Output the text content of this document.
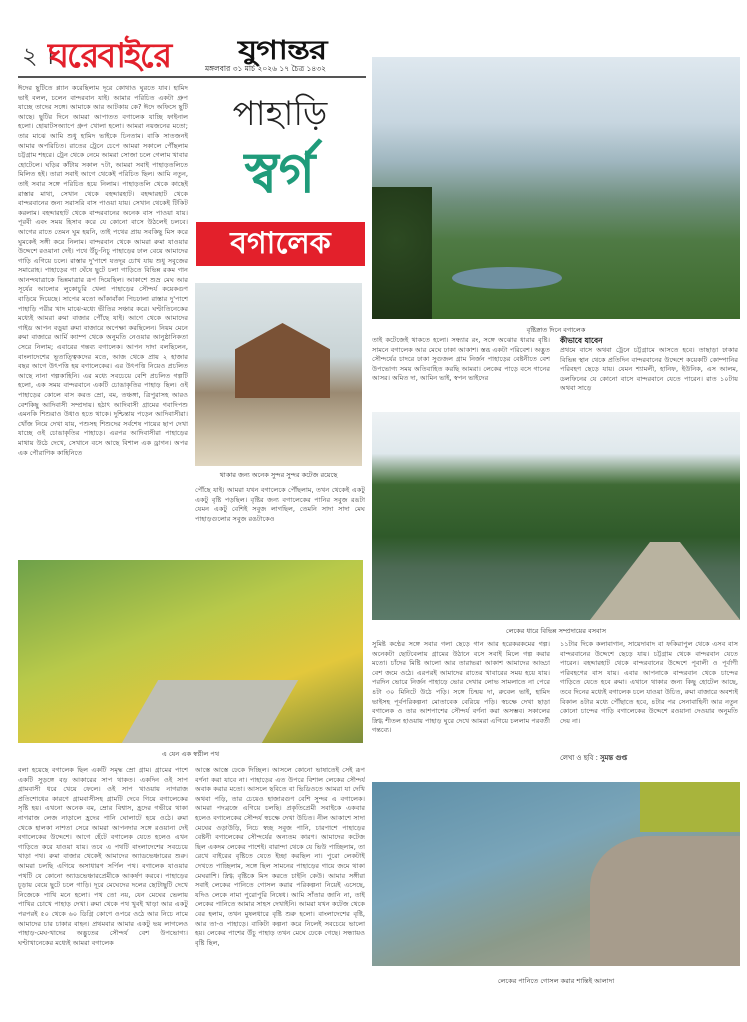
২ ।
ঘরেবাইরে	যুগান্তর
মঙ্গলবার ৩১ মার্চ ২০২৬ ১৭ চৈত্র ১৪৩২
ঈদের ছুটিতে প্ল্যান করেছিলাম দূরে কোথাও ঘুরতে যাব। হামিদ ভাই বলল, চলেন বান্দরবান যাই। আমার পরিচিত একটা গ্রুপ যাচ্ছে তাদের সঙ্গে। আমাকে আর আটকায় কে? ঈদে অফিসে ছুটি আছে। ছুটির দিনে আমরা আপাতত বগালেক যাচ্ছি ফাইনাল হলো। হোয়াটসঅ্যাপে গ্রুপ খোলা হলো। আমরা নয়জনের মতো; তার মাঝে আমি শুধু হামিদ ভাইকে চিনতাম। বাকি সাতজনই আমার অপরিচিত। রাতের ট্রেনে চেপে আমরা সকালে পৌঁছলাম চট্টগ্রাম শহরে। ট্রেন থেকে নেমে আমরা সোজা চলে গেলাম খাবার হোটেলে। ঘড়ির কাঁটায় সকাল ৭টা, আমরা সবাই পাহাড়তলিতে মিলিত হই। তারা সবাই আগে থেকেই পরিচিত ছিল। আমি নতুন, তাই সবার সঙ্গে পরিচিত হয়ে নিলাম। পাহাড়তলি থেকে কাছেই রাস্তার মাথা, সেখান থেকে বহদ্দারহাট। বহদ্দারহাট থেকে বান্দরবানের জন্য সরাসরি বাস পাওয়া যায়। সেখান থেকেই টিকিট করলাম। বহদ্দারহাট থেকে বান্দরবানের অনেক বাস পাওয়া যায়। পূরবী এবং সময় হিসাব করে যে কোনো বাসে উঠলেই চলবে। আগের রাতে তেমন ঘুম হয়নি, তাই পথের প্রায় সবকিছু মিস করে ঘুমকেই সঙ্গী করে নিলাম। বান্দরবান থেকে আমরা রুমা যাওয়ার উদ্দেশে রওয়ানা দেই। পথে উঁচু-নিচু পাহাড়ের ঢাল বেয়ে আমাদের গাড়ি এগিয়ে চলে। রাস্তার দু'পাশে যতদূর চোখ যায় শুধু সবুজের সমারোহ। পাহাড়ের গা ঘেঁষে ছুটে চলা গাড়িতে বিভিন্ন রকম গান আনন্দযাত্রাকে ভিন্নমাত্রার রূপ দিয়েছিল। আকাশে শুভ্র মেঘ আর সূর্যের আলোর লুকোচুরি খেলা পাহাড়ের সৌন্দর্য কয়েকগুণ বাড়িয়ে দিয়েছে। সাপের মতো আঁকাবাঁকা পিচঢালা রাস্তার দু'পাশে পাহাড়ি পরীর খাদ মাঝে-মধ্যে ভীতির সঞ্চার করে। ঘণ্টাতিনেকের মধ্যেই আমরা রুমা বাজার পৌঁছে যাই। আগে থেকে আমাদের গাইড আপন বড়ুয়া রুমা বাজারে অপেক্ষা করছিলেন। নিয়ম মেনে রুমা বাজারে আর্মি ক্যাম্প থেকে অনুমতি নেওয়ার আনুষ্ঠানিকতা সেরে নিলাম; এবারের গন্তব্য বগালেক। আপন দাদা বলছিলেন, বাংলাদেশের ভূতাত্ত্বিকদের মতে, আজ থেকে প্রায় ২ হাজার বছর আগে উৎপত্তি হয় বগালেকের। এর উৎপত্তি নিয়েও প্রচলিত আছে নানা গল্পকাহিনি। এর মধ্যে সবচেয়ে বেশি প্রচলিত গল্পটি হলো, এক সময় বান্দরবানে একটি চোঙাকৃতির পাহাড় ছিল। ওই পাহাড়ের কোলে বাস করত ম্রো, বম, তঞ্চঙ্গা, ত্রিপুরাসহ আরও বেশকিছু আদিবাসী সম্প্রদায়। হঠাৎ আদিবাসী গ্রামের গবাদিপশু এমনকি শিশুরাও উধাও হতে থাকে। দুশ্চিন্তায় পড়েন আদিবাসীরা। খোঁজ নিয়ে দেখা যায়, পশুসহ শিশুদের সর্বশেষ পায়ের ছাপ দেখা যাচ্ছে ওই চোঙাকৃতির পাহাড়ে। এরপর আদিবাসীরা পাহাড়ের মাথায় উঠে দেখে, সেখানে বসে আছে বিশাল এক ড্রাগন। অপর এক পৌরাণিক কাহিনিতে
পাহাড়ি
স্বর্গ
বগালেক
থাকার জন্য অনেক সুন্দর সুন্দর কটেজ রয়েছে
পৌঁছে যাই। আমরা যখন বগালেকে পৌঁছলাম, তখন থেকেই একটু একটু বৃষ্টি পড়ছিল। বৃষ্টির জন্য বগালেকের পানির সবুজ রঙটা যেমন একটু বেশিই সবুজ লাগছিল, তেমনি সাদা সাদা মেঘ পাহাড়গুলোর সবুজ রঙটাকেও
এ যেন এক স্বপ্নীল পথ
বলা হয়েছে বগালেক ছিল একটি সমৃদ্ধ ম্রো গ্রাম। গ্রামের পাশে একটি সুড়ঙ্গে বড় আকারের সাপ থাকত। একদিন ওই সাপ গ্রামবাসী ধরে খেয়ে ফেলে। ওই সাপ খাওয়ায় নাগরাজ প্রতিশোধের কারণে গ্রামবাসীসহ গ্রামটি দেবে গিয়ে বগালেকের সৃষ্টি হয়। এখনো অনেক বম, ম্রোর বিশ্বাস, হ্রদের গভীরে থাকা নাগরাজ লেজ নাড়ালে হ্রদের পানি ঘোলাটে হয়ে ওঠে। রুমা থেকে হালকা নাশতা সেরে আমরা আপনদার সঙ্গে রওয়ানা দেই বগালেকের উদ্দেশে। আগে হেঁটে বগালেক যেতে হলেও এখন গাড়িতে করে যাওয়া যায়। তবে এ পথটি বাংলাদেশের সবচেয়ে খাড়া পথ। রুমা বাজার থেকেই আমাদের অ্যাডভেঞ্চারের শুরু। আমরা চলছি এগিয়ে অসাধারণ সর্পিল পথ। বগালেক যাওয়ার পথটি যে কোনো অ্যাডভেঞ্চারপ্রেমীকে আকর্ষণ করবে। পাহাড়ের চূড়ায় বেয়ে ছুটে চলে গাড়ি। দূরে মেঘেদের দলের ছোটাছুটি দেখে নিজেকে পাখি মনে হলো। পথ তো নয়, যেন মেঘের ভেলায় পাখির চোখে পাহাড় দেখা। রুমা থেকে পথ খুবই খাড়া আর একটু পরপরই ৫০ থেকে ৬০ ডিগ্রি কোণে ওপরে ওঠে আর নিচে নামে আমাদের চার চাকার বাহন। প্রথমবার আমার একটু ভয় লাগলেও পাহাড়-মেঘ-খাদের অদ্ভুতের সৌন্দর্য বেশ উপভোগ্য। ঘণ্টাখানেকের মধ্যেই আমরা বগালেক
আস্তে আস্তে ঢেকে দিচ্ছিল। আসলে কোনো ভাষাতেই সেই রূপ বর্ণনা করা যাবে না। পাহাড়ের এত উপরে বিশাল লেকের সৌন্দর্য অবাক করার মতো। আসলে ছবিতে বা ভিডিওতে আমরা যা দেখি অথবা পড়ি, তার চেয়েও হাজারগুণ বেশি সুন্দর এ বগালেক। আমরা পদব্রজে এগিয়ে চলছি। প্রকৃতিপ্রেমী সবাইকে একবার হলেও বগালেকের সৌন্দর্য স্বচক্ষে দেখা উচিত। নীল আকাশে সাদা মেঘের ওড়াউড়ি, নিচে স্বচ্ছ সবুজ পানি, চারপাশে পাহাড়ের বেষ্টনী বগালেকের সৌন্দর্যের অন্যতম কারণ। আমাদের কটেজ ছিল একদম লেকের পাশেই। বারান্দা থেকে যে ভিউ পাচ্ছিলাম, তা রেখে বাইরের বৃষ্টিতে যেতে ইচ্ছা করছিল না। পুরো লেকটাই দেখতে পাচ্ছিলাম, সঙ্গে ছিল সামনের পাহাড়ের গায়ে জমে থাকা মেঘরাশি। স্নিগ্ধ বৃষ্টিকে মিস করতে চাইনি কেউ। আমার সঙ্গীরা সবাই লেকের পানিতে গোসল করার পরিকল্পনা নিয়েই এসেছে, যদিও লেকে নামা পুরোপুরি নিষেধ। আমি সাঁতার জানি না, তাই লেকের পানিতে আমার সাহস দেখাইনি। আমরা যখন কটেজ থেকে বের হলাম, তখন মুষলধারে বৃষ্টি শুরু হলো। বাংলাদেশের বৃষ্টি, আর তা-ও পাহাড়ে। বাকিটা কল্পনা করে নিলেই সবচেয়ে ভালো হয়। লেকের পাশের উঁচু পাহাড় তখন মেঘে ঢেকে গেছে। সন্ধ্যায়ও বৃষ্টি ছিল,
বৃষ্টিস্নাত দিনে বগালেক
তাই কটেজেই থাকতে হলো। সন্ধ্যার রং, সঙ্গে অঝোর ধারার বৃষ্টি। সামনে বগালেক আর মেঘে ঢাকা আকাশ। স্তব্ধ একটা পরিবেশ। অদ্ভুত সৌন্দর্যের চাদরে ঢাকা সুগুজল গ্রাম নির্জন পাহাড়ের বেষ্টনীতে বেশ উপভোগ্য সময় অতিবাহিত করছি আমরা। লেকের পাড়ে বসে গানের আসর। অমিত দা, আমিন ভাই, স্বপন ভাইদের
কীভাবে যাবেন
প্রথমে বাসে অথবা ট্রেনে চট্টগ্রামে আসতে হবে। তাছাড়া ঢাকার বিভিন্ন স্থান থেকে প্রতিদিন বান্দরবানের উদ্দেশে কয়েকটি কোম্পানির পরিবহণ ছেড়ে যায়। যেমন শ্যামলী, হানিফ, ইউনিক, এস আলম, ডলফিনের যে কোনো বাসে বান্দরবানে যেতে পারেন। রাত ১০টায় অথবা সাড়ে
লেকের ধারে বিভিন্ন সম্প্রদায়ের বসবাস
সুমিষ্ট কণ্ঠের সঙ্গে সবার গলা ছেড়ে গান আর হরেকরকমের গল্প। অনেকটা ছোটবেলায় গ্রামের উঠানে বসে সবাই মিলে গল্প করার মতো। চাঁদের মিষ্টি আলো আর তারাভরা আকাশ আমাদের আড্ডা বেশ জমে ওঠে। এরপরই আমাদের রাতের খাবারের সময় হয়ে যায়। পরদিন ভোরে নির্জন পাহাড়ে ভোর দেখার লোভ সামলাতে না পেরে ৪টা ৩০ মিনিটে উঠে পড়ি। সঙ্গে চিন্ময় দা, রুবেল ভাই, হামিদ ভাইসহ পূর্বপরিকল্পনা মোতাবেক বেরিয়ে পড়ি। স্বচক্ষে দেখা ছাড়া বগালেক ও তার আশপাশের সৌন্দর্য বর্ণনা করা অসম্ভব। সকালের স্নিগ্ধ শীতল হাওয়ায় পাহাড় ঘুরে দেখে আমরা এগিয়ে চললাম পরবর্তী গন্তব্যে।
১১টার দিকে কলাবাগান, সায়েদাবাদ বা ফকিরাপুল থেকে এসব বাস বান্দরবানের উদ্দেশে ছেড়ে যায়। চট্টগ্রাম থেকে বান্দরবান যেতে পারেন। বহদ্দারহাট থেকে বান্দরবানের উদ্দেশে পূবালী ও পূর্বাণী পরিবহণের বাস যায়। এবার আপনাকে বান্দরবান থেকে চান্দের গাড়িতে যেতে হবে রুমা। এখানে থাকার জন্য কিছু হোটেল আছে, তবে দিনের মধ্যেই বগালেক চলে যাওয়া উচিত, রুমা বাজারে অবশ্যই বিকাল ৪টার মধ্যে পৌঁছাতে হবে, ৪টার পর সেনাবাহিনী আর নতুন কোনো চান্দের গাড়ি বগালেকের উদ্দেশে রওয়ানা দেওয়ার অনুমতি দেয় না।
লেখা ও ছবি : সুমন্ত গুপ্ত
লেকের পানিতে গোসল করার শান্তিই আলাদা
